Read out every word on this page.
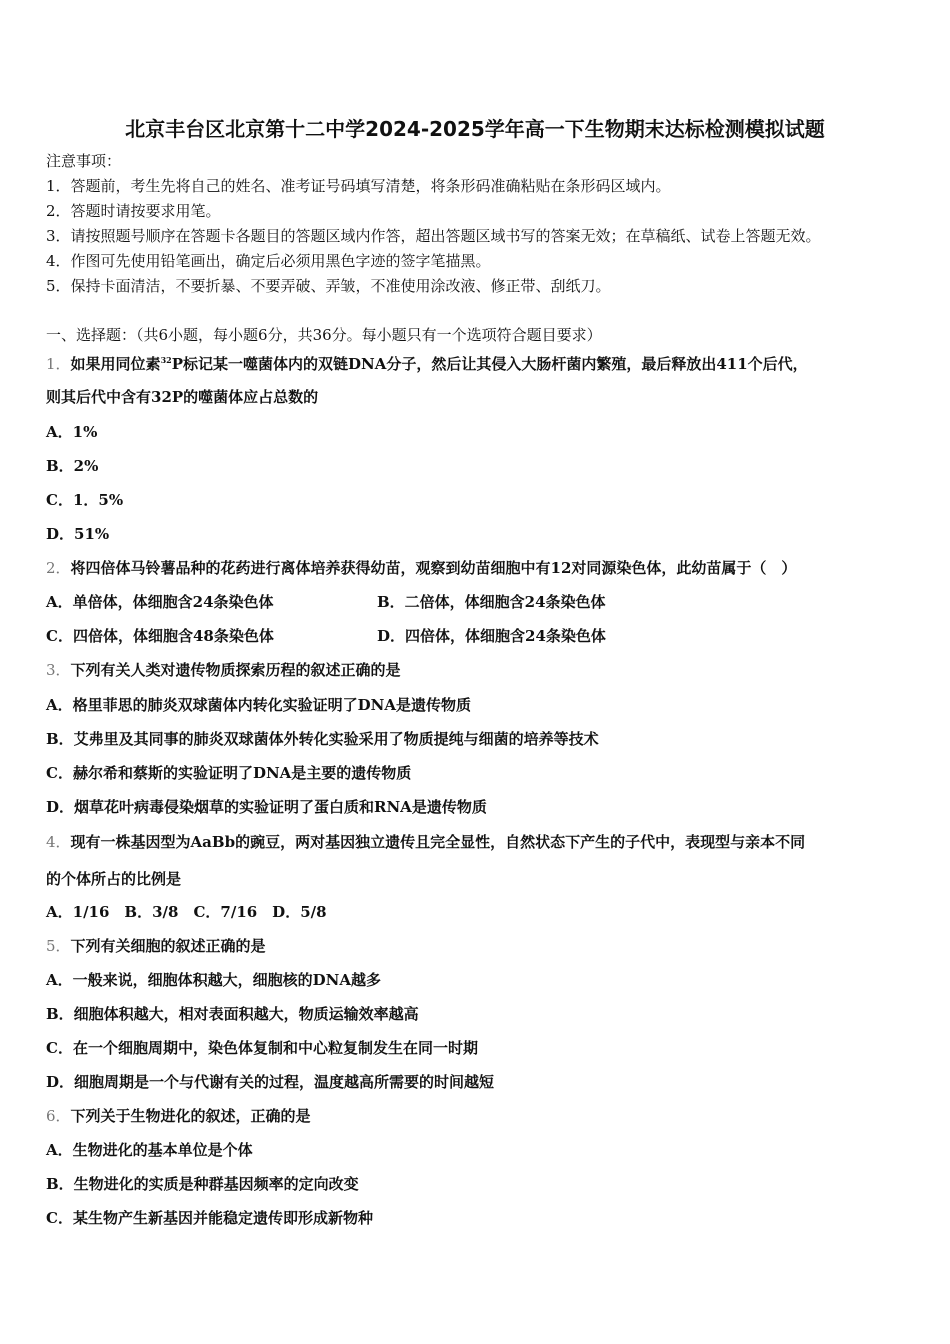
北京丰台区北京第十二中学2024-2025学年高一下生物期末达标检测模拟试题
注意事项：
1．答题前，考生先将自己的姓名、准考证号码填写清楚，将条形码准确粘贴在条形码区域内。
2．答题时请按要求用笔。
3．请按照题号顺序在答题卡各题目的答题区域内作答，超出答题区域书写的答案无效；在草稿纸、试卷上答题无效。
4．作图可先使用铅笔画出，确定后必须用黑色字迹的签字笔描黑。
5．保持卡面清洁，不要折暴、不要弄破、弄皱，不准使用涂改液、修正带、刮纸刀。
一、选择题：（共6小题，每小题6分，共36分。每小题只有一个选项符合题目要求）
1．如果用同位素$^{32}$P标记某一噬菌体内的双链DNA分子，然后让其侵入大肠杆菌内繁殖，最后释放出411个后代，
则其后代中含有32P的噬菌体应占总数的
A．1%
B．2%
C．1．5%
D．51%
2．将四倍体马铃薯品种的花药进行离体培养获得幼苗，观察到幼苗细胞中有12对同源染色体，此幼苗属于（　）
A．单倍体，体细胞含24条染色体	B．二倍体，体细胞含24条染色体
C．四倍体，体细胞含48条染色体	D．四倍体，体细胞含24条染色体
3．下列有关人类对遗传物质探索历程的叙述正确的是
A．格里菲思的肺炎双球菌体内转化实验证明了DNA是遗传物质
B．艾弗里及其同事的肺炎双球菌体外转化实验采用了物质提纯与细菌的培养等技术
C．赫尔希和蔡斯的实验证明了DNA是主要的遗传物质
D．烟草花叶病毒侵染烟草的实验证明了蛋白质和RNA是遗传物质
4．现有一株基因型为AaBb的豌豆，两对基因独立遗传且完全显性，自然状态下产生的子代中，表现型与亲本不同
的个体所占的比例是
A．1/16　B．3/8　C．7/16　D．5/8
5．下列有关细胞的叙述正确的是
A．一般来说，细胞体积越大，细胞核的DNA越多
B．细胞体积越大，相对表面积越大，物质运输效率越高
C．在一个细胞周期中，染色体复制和中心粒复制发生在同一时期
D．细胞周期是一个与代谢有关的过程，温度越高所需要的时间越短
6．下列关于生物进化的叙述，正确的是
A．生物进化的基本单位是个体
B．生物进化的实质是种群基因频率的定向改变
C．某生物产生新基因并能稳定遗传即形成新物种
